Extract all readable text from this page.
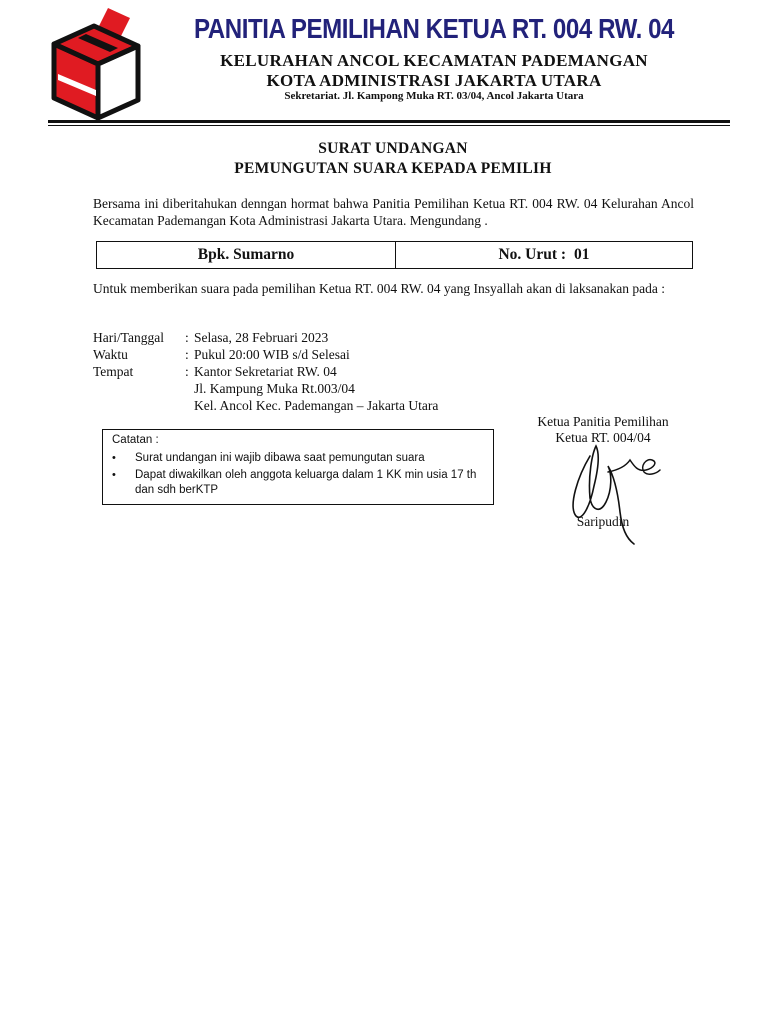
PANITIA PEMILIHAN KETUA RT. 004 RW. 04
KELURAHAN ANCOL KECAMATAN PADEMANGAN
KOTA ADMINISTRASI JAKARTA UTARA
Sekretariat. Jl. Kampong Muka RT. 03/04, Ancol Jakarta Utara
SURAT UNDANGAN
PEMUNGUTAN SUARA KEPADA PEMILIH
Bersama ini diberitahukan denngan hormat bahwa Panitia Pemilihan Ketua RT. 004 RW. 04 Kelurahan Ancol Kecamatan Pademangan Kota Administrasi Jakarta Utara. Mengundang .
Bpk. Sumarno	No. Urut : 01
Untuk memberikan suara pada pemilihan Ketua RT. 004 RW. 04 yang Insyallah akan di laksanakan pada :
Hari/Tanggal : Selasa, 28 Februari 2023
Waktu	: Pukul 20:00 WIB s/d Selesai
Tempat	: Kantor Sekretariat RW. 04
Jl. Kampung Muka Rt.003/04
Kel. Ancol Kec. Pademangan – Jakarta Utara
Catatan :
• Surat undangan ini wajib dibawa saat pemungutan suara
• Dapat diwakilkan oleh anggota keluarga dalam 1 KK min usia 17 th dan sdh berKTP
Ketua Panitia Pemilihan
Ketua RT. 004/04
Saripudin
